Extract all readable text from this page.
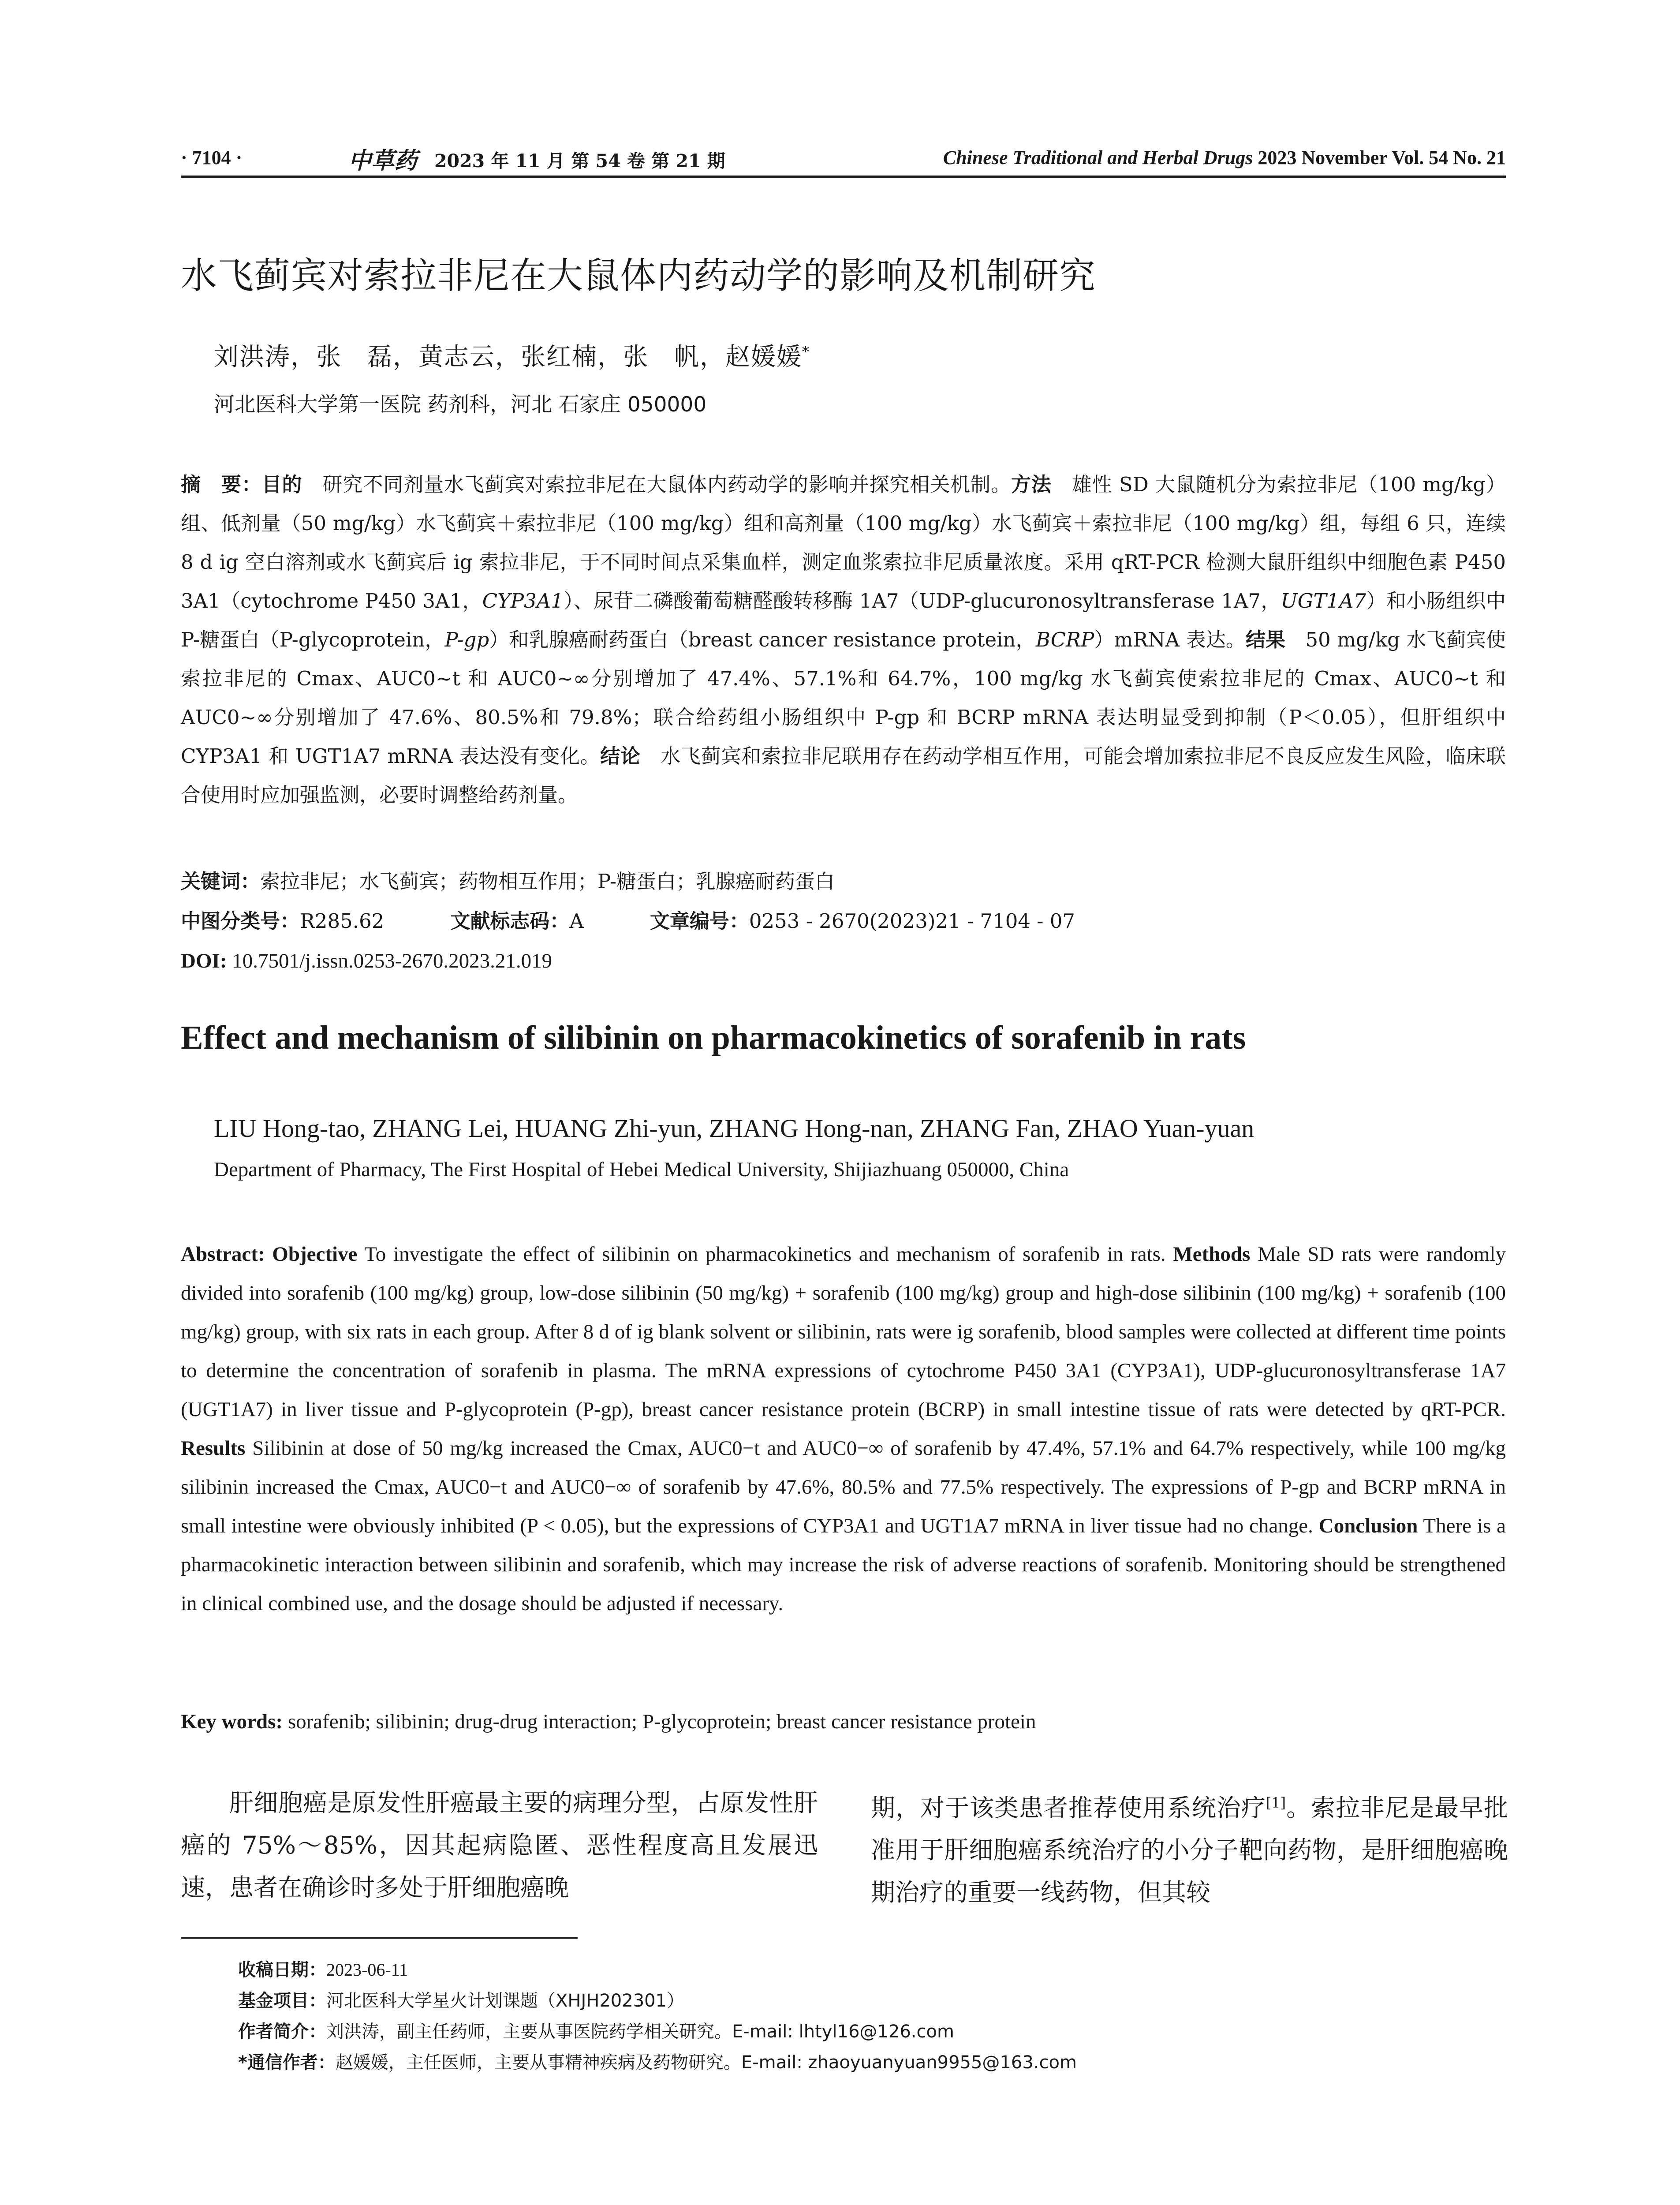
· 7104 ·	中草药 2023 年 11 月 第 54 卷 第 21 期	Chinese Traditional and Herbal Drugs 2023 November Vol. 54 No. 21
水飞蓟宾对索拉非尼在大鼠体内药动学的影响及机制研究
刘洪涛，张　磊，黄志云，张红楠，张　帆，赵媛媛*
河北医科大学第一医院 药剂科，河北 石家庄 050000
摘　要：目的　研究不同剂量水飞蓟宾对索拉非尼在大鼠体内药动学的影响并探究相关机制。方法　雄性 SD 大鼠随机分为索拉非尼（100 mg/kg）组、低剂量（50 mg/kg）水飞蓟宾＋索拉非尼（100 mg/kg）组和高剂量（100 mg/kg）水飞蓟宾＋索拉非尼（100 mg/kg）组，每组 6 只，连续 8 d ig 空白溶剂或水飞蓟宾后 ig 索拉非尼，于不同时间点采集血样，测定血浆索拉非尼质量浓度。采用 qRT-PCR 检测大鼠肝组织中细胞色素 P450 3A1（cytochrome P450 3A1，CYP3A1）、尿苷二磷酸葡萄糖醛酸转移酶 1A7（UDP-glucuronosyltransferase 1A7，UGT1A7）和小肠组织中 P-糖蛋白（P-glycoprotein，P-gp）和乳腺癌耐药蛋白（breast cancer resistance protein，BCRP）mRNA 表达。结果　50 mg/kg 水飞蓟宾使索拉非尼的 Cmax、AUC0~t 和 AUC0~∞分别增加了 47.4%、57.1%和 64.7%，100 mg/kg 水飞蓟宾使索拉非尼的 Cmax、AUC0~t 和 AUC0~∞分别增加了 47.6%、80.5%和 79.8%；联合给药组小肠组织中 P-gp 和 BCRP mRNA 表达明显受到抑制（P＜0.05），但肝组织中 CYP3A1 和 UGT1A7 mRNA 表达没有变化。结论　水飞蓟宾和索拉非尼联用存在药动学相互作用，可能会增加索拉非尼不良反应发生风险，临床联合使用时应加强监测，必要时调整给药剂量。
关键词：索拉非尼；水飞蓟宾；药物相互作用；P-糖蛋白；乳腺癌耐药蛋白
中图分类号：R285.62	文献标志码：A	文章编号：0253 - 2670(2023)21 - 7104 - 07
DOI: 10.7501/j.issn.0253-2670.2023.21.019
Effect and mechanism of silibinin on pharmacokinetics of sorafenib in rats
LIU Hong-tao, ZHANG Lei, HUANG Zhi-yun, ZHANG Hong-nan, ZHANG Fan, ZHAO Yuan-yuan
Department of Pharmacy, The First Hospital of Hebei Medical University, Shijiazhuang 050000, China
Abstract: Objective To investigate the effect of silibinin on pharmacokinetics and mechanism of sorafenib in rats. Methods Male SD rats were randomly divided into sorafenib (100 mg/kg) group, low-dose silibinin (50 mg/kg) + sorafenib (100 mg/kg) group and high-dose silibinin (100 mg/kg) + sorafenib (100 mg/kg) group, with six rats in each group. After 8 d of ig blank solvent or silibinin, rats were ig sorafenib, blood samples were collected at different time points to determine the concentration of sorafenib in plasma. The mRNA expressions of cytochrome P450 3A1 (CYP3A1), UDP-glucuronosyltransferase 1A7 (UGT1A7) in liver tissue and P-glycoprotein (P-gp), breast cancer resistance protein (BCRP) in small intestine tissue of rats were detected by qRT-PCR. Results Silibinin at dose of 50 mg/kg increased the Cmax, AUC0−t and AUC0−∞ of sorafenib by 47.4%, 57.1% and 64.7% respectively, while 100 mg/kg silibinin increased the Cmax, AUC0−t and AUC0−∞ of sorafenib by 47.6%, 80.5% and 77.5% respectively. The expressions of P-gp and BCRP mRNA in small intestine were obviously inhibited (P < 0.05), but the expressions of CYP3A1 and UGT1A7 mRNA in liver tissue had no change. Conclusion There is a pharmacokinetic interaction between silibinin and sorafenib, which may increase the risk of adverse reactions of sorafenib. Monitoring should be strengthened in clinical combined use, and the dosage should be adjusted if necessary.
Key words: sorafenib; silibinin; drug-drug interaction; P-glycoprotein; breast cancer resistance protein
肝细胞癌是原发性肝癌最主要的病理分型，占原发性肝癌的 75%～85%，因其起病隐匿、恶性程度高且发展迅速，患者在确诊时多处于肝细胞癌晚
期，对于该类患者推荐使用系统治疗[1]。索拉非尼是最早批准用于肝细胞癌系统治疗的小分子靶向药物，是肝细胞癌晚期治疗的重要一线药物，但其较
收稿日期：2023-06-11
基金项目：河北医科大学星火计划课题（XHJH202301）
作者简介：刘洪涛，副主任药师，主要从事医院药学相关研究。E-mail: lhtyl16@126.com
*通信作者：赵媛媛，主任医师，主要从事精神疾病及药物研究。E-mail: zhaoyuanyuan9955@163.com
